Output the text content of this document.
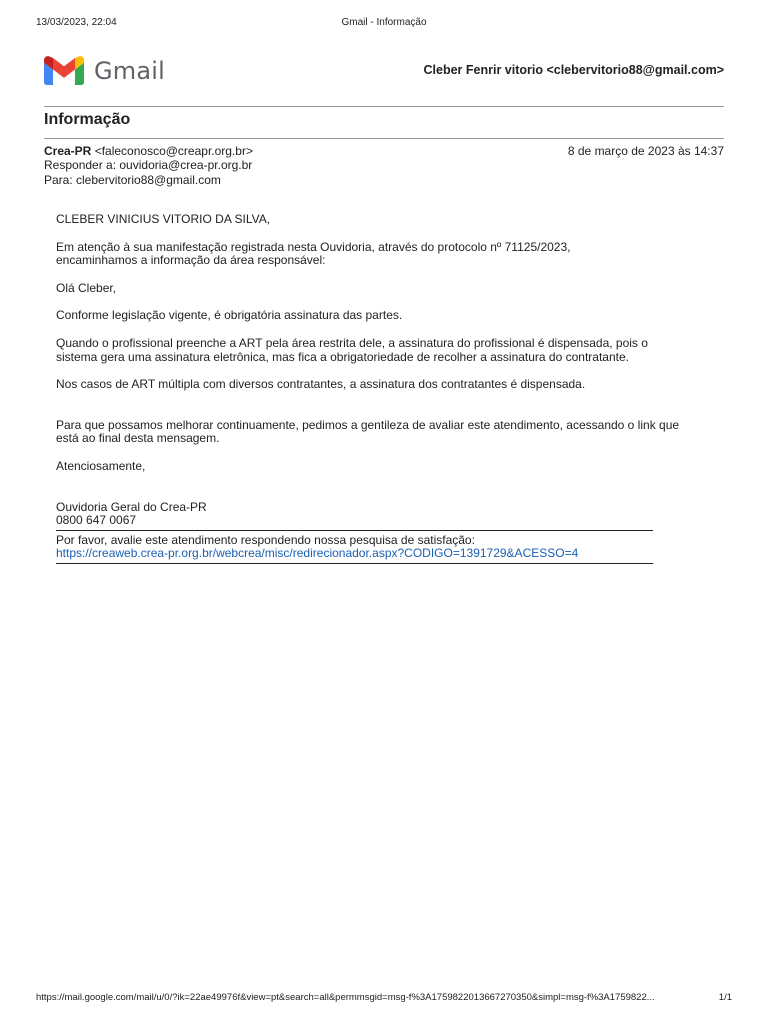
13/03/2023, 22:04	Gmail - Informação
Gmail	Cleber Fenrir vitorio <clebervitorio88@gmail.com>
Informação
Crea-PR <faleconosco@creapr.org.br>
Responder a: ouvidoria@crea-pr.org.br
Para: clebervitorio88@gmail.com
8 de março de 2023 às 14:37

CLEBER VINICIUS VITORIO DA SILVA,

Em atenção à sua manifestação registrada nesta Ouvidoria, através do protocolo nº 71125/2023,

encaminhamos a informação da área responsável:

Olá Cleber,

Conforme legislação vigente, é obrigatória assinatura das partes.

Quando o profissional preenche a ART pela área restrita dele, a assinatura do profissional é dispensada, pois o

sistema gera uma assinatura eletrônica, mas fica a obrigatoriedade de recolher a assinatura do contratante.

Nos casos de ART múltipla com diversos contratantes, a assinatura dos contratantes é dispensada.

Para que possamos melhorar continuamente, pedimos a gentileza de avaliar este atendimento, acessando o link que

está ao final desta mensagem.

Atenciosamente,

Ouvidoria Geral do Crea-PR

0800 647 0067

Por favor, avalie este atendimento respondendo nossa pesquisa de satisfação:

https://creaweb.crea-pr.org.br/webcrea/misc/redirecionador.aspx?CODIGO=1391729&ACESSO=4

https://mail.google.com/mail/u/0/?ik=22ae49976f&view=pt&search=all&permmsgid=msg-f%3A1759822013667270350&simpl=msg-f%3A1759822...	1/1
